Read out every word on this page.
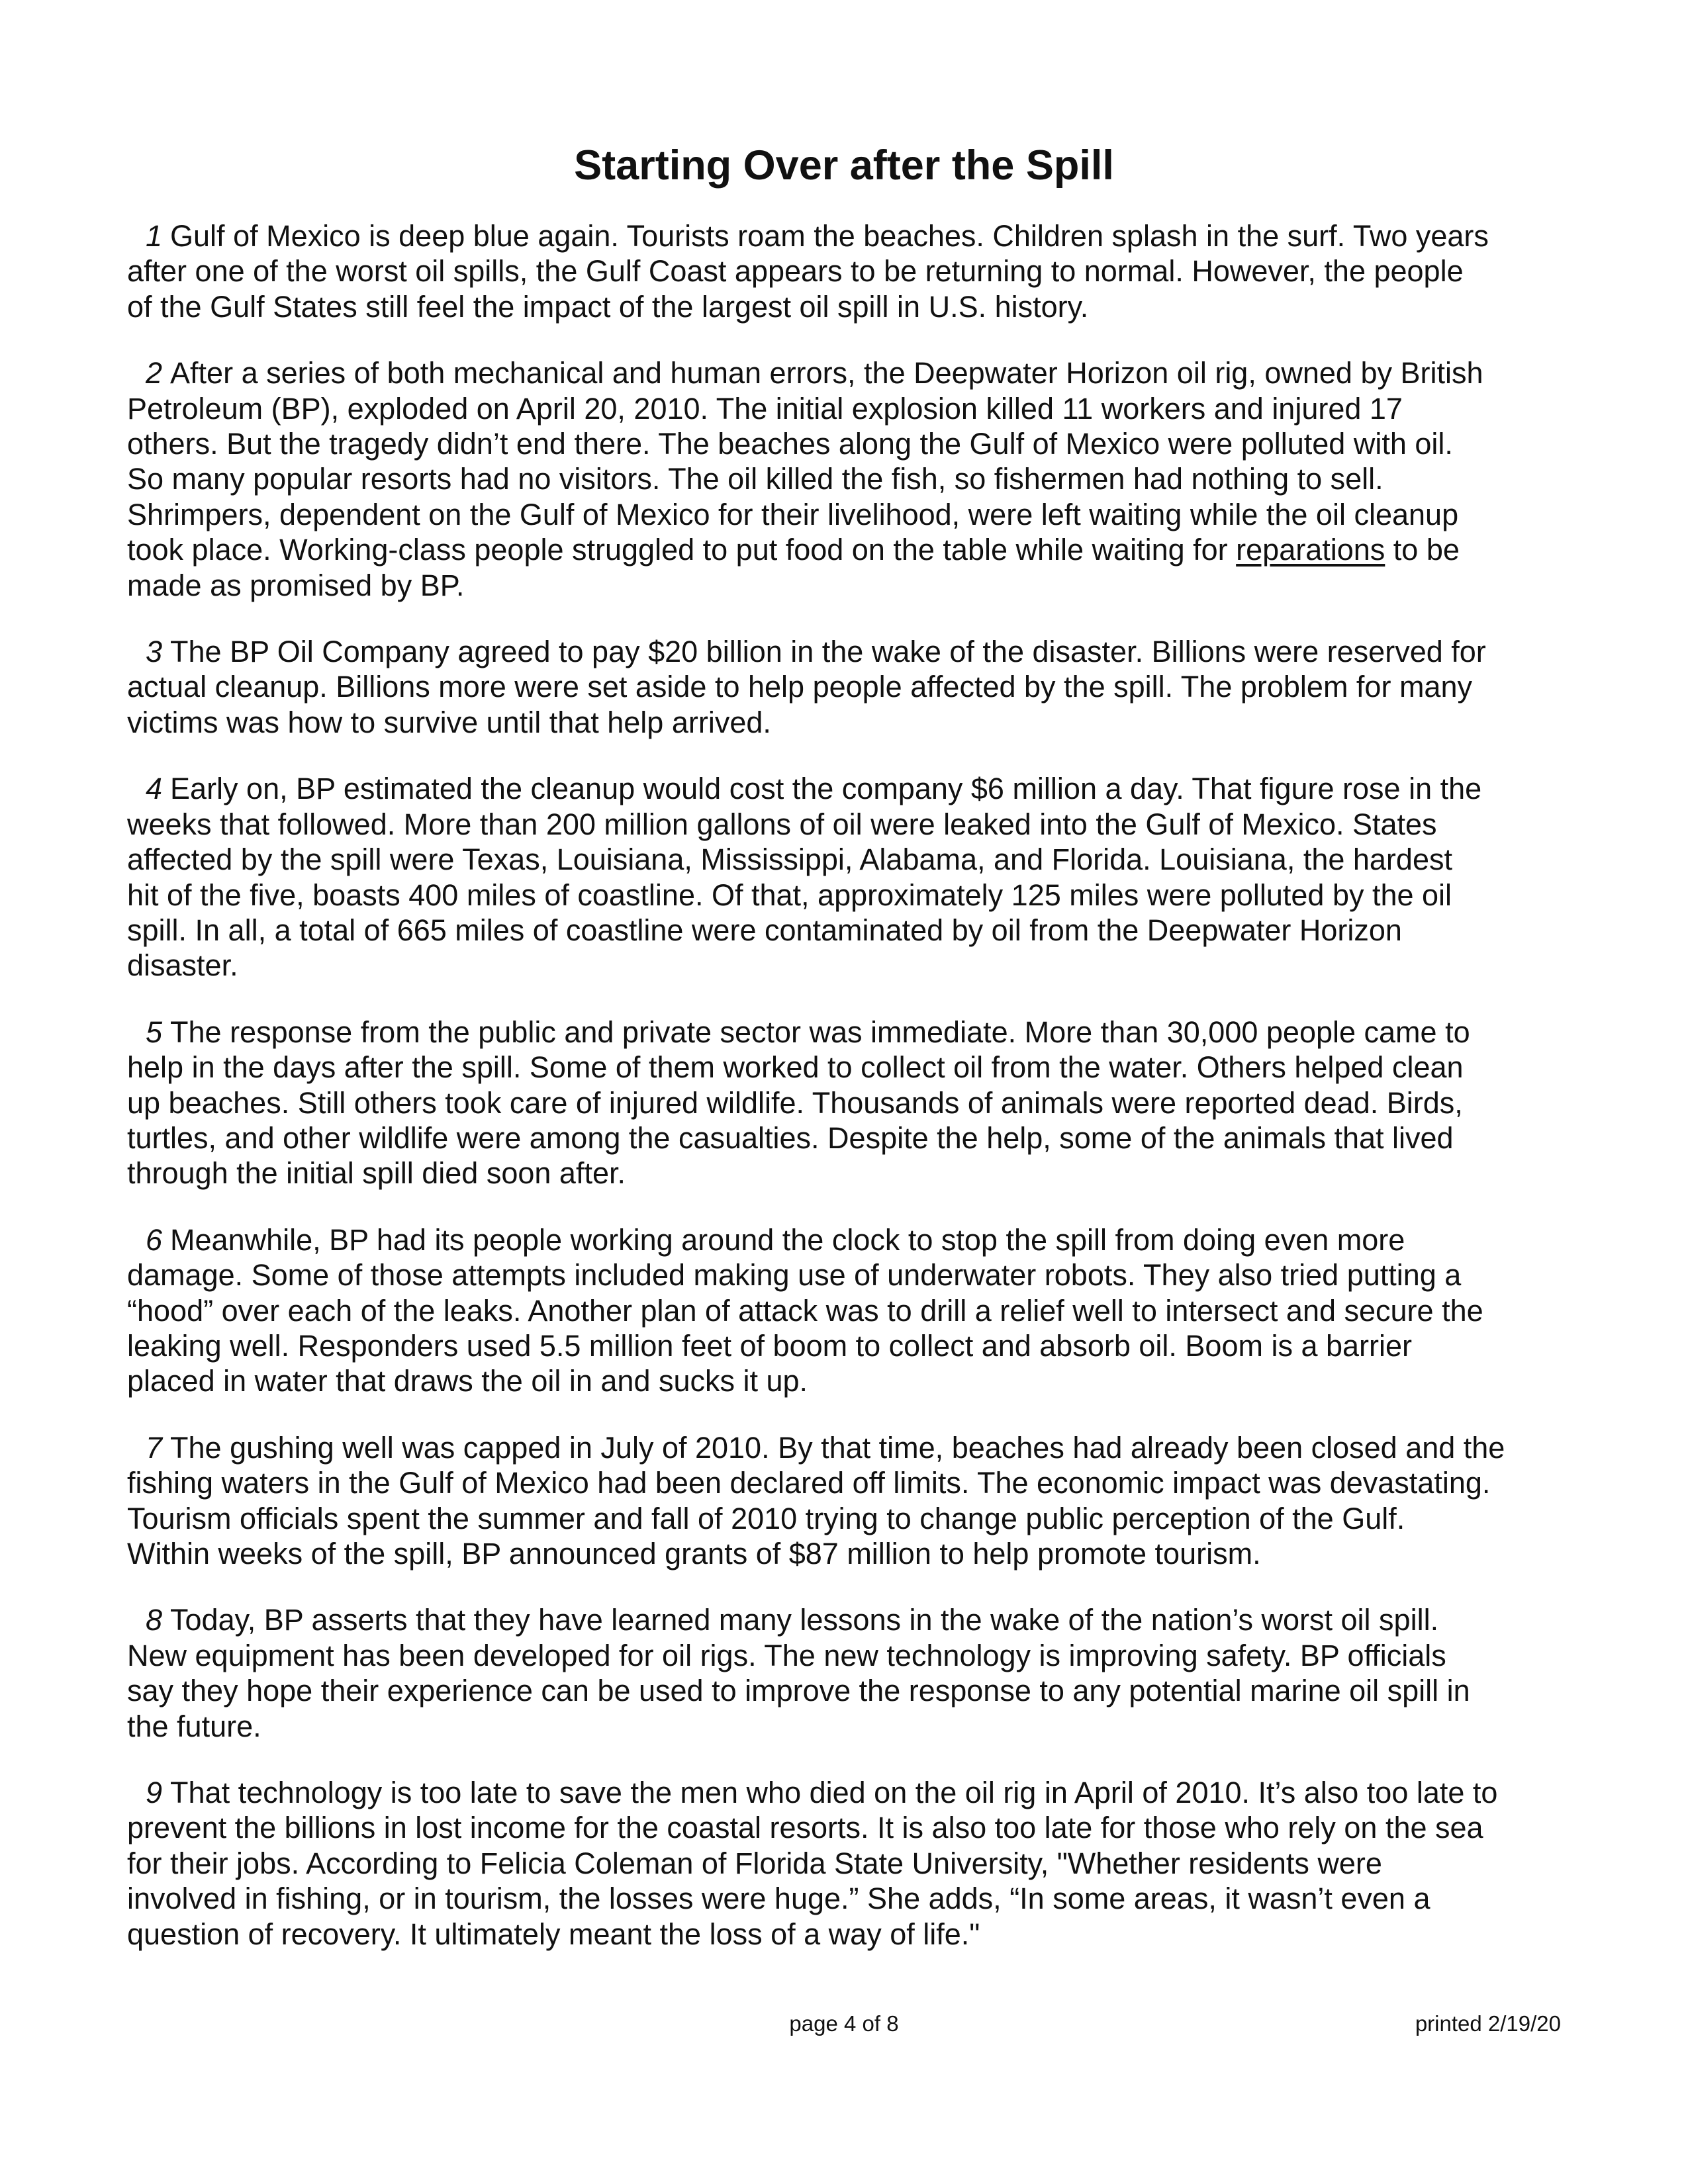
Starting Over after the Spill

1 Gulf of Mexico is deep blue again. Tourists roam the beaches. Children splash in the surf. Two years
after one of the worst oil spills, the Gulf Coast appears to be returning to normal. However, the people
of the Gulf States still feel the impact of the largest oil spill in U.S. history.

2 After a series of both mechanical and human errors, the Deepwater Horizon oil rig, owned by British
Petroleum (BP), exploded on April 20, 2010. The initial explosion killed 11 workers and injured 17
others. But the tragedy didn’t end there. The beaches along the Gulf of Mexico were polluted with oil.
So many popular resorts had no visitors. The oil killed the fish, so fishermen had nothing to sell.
Shrimpers, dependent on the Gulf of Mexico for their livelihood, were left waiting while the oil cleanup
took place. Working-class people struggled to put food on the table while waiting for reparations to be
made as promised by BP.

3 The BP Oil Company agreed to pay $20 billion in the wake of the disaster. Billions were reserved for
actual cleanup. Billions more were set aside to help people affected by the spill. The problem for many
victims was how to survive until that help arrived.

4 Early on, BP estimated the cleanup would cost the company $6 million a day. That figure rose in the
weeks that followed. More than 200 million gallons of oil were leaked into the Gulf of Mexico. States
affected by the spill were Texas, Louisiana, Mississippi, Alabama, and Florida. Louisiana, the hardest
hit of the five, boasts 400 miles of coastline. Of that, approximately 125 miles were polluted by the oil
spill. In all, a total of 665 miles of coastline were contaminated by oil from the Deepwater Horizon
disaster.

5 The response from the public and private sector was immediate. More than 30,000 people came to
help in the days after the spill. Some of them worked to collect oil from the water. Others helped clean
up beaches. Still others took care of injured wildlife. Thousands of animals were reported dead. Birds,
turtles, and other wildlife were among the casualties. Despite the help, some of the animals that lived
through the initial spill died soon after.

6 Meanwhile, BP had its people working around the clock to stop the spill from doing even more
damage. Some of those attempts included making use of underwater robots. They also tried putting a
“hood” over each of the leaks. Another plan of attack was to drill a relief well to intersect and secure the
leaking well. Responders used 5.5 million feet of boom to collect and absorb oil. Boom is a barrier
placed in water that draws the oil in and sucks it up.

7 The gushing well was capped in July of 2010. By that time, beaches had already been closed and the
fishing waters in the Gulf of Mexico had been declared off limits. The economic impact was devastating.
Tourism officials spent the summer and fall of 2010 trying to change public perception of the Gulf.
Within weeks of the spill, BP announced grants of $87 million to help promote tourism.

8 Today, BP asserts that they have learned many lessons in the wake of the nation’s worst oil spill.
New equipment has been developed for oil rigs. The new technology is improving safety. BP officials
say they hope their experience can be used to improve the response to any potential marine oil spill in
the future.

9 That technology is too late to save the men who died on the oil rig in April of 2010. It’s also too late to
prevent the billions in lost income for the coastal resorts. It is also too late for those who rely on the sea
for their jobs. According to Felicia Coleman of Florida State University, "Whether residents were
involved in fishing, or in tourism, the losses were huge.” She adds, “In some areas, it wasn’t even a
question of recovery. It ultimately meant the loss of a way of life."

page 4 of 8	printed 2/19/20
